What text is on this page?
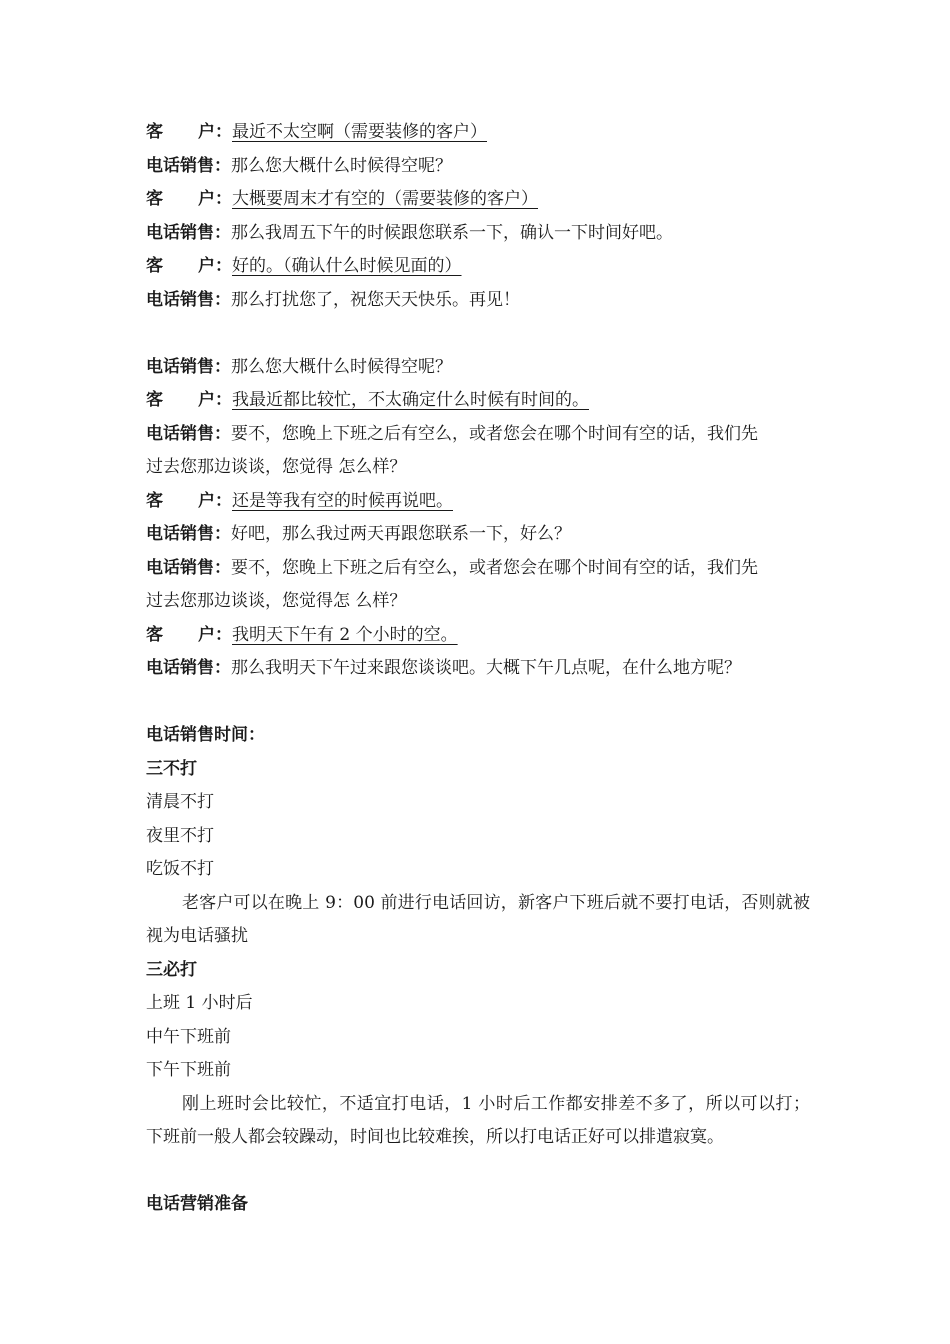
客　　户：最近不太空啊（需要装修的客户）
电话销售：那么您大概什么时候得空呢？
客　　户：大概要周末才有空的（需要装修的客户）
电话销售：那么我周五下午的时候跟您联系一下，确认一下时间好吧。
客　　户：好的。（确认什么时候见面的）
电话销售：那么打扰您了，祝您天天快乐。再见！
电话销售：那么您大概什么时候得空呢？
客　　户：我最近都比较忙，不太确定什么时候有时间的。
电话销售：要不，您晚上下班之后有空么，或者您会在哪个时间有空的话，我们先
过去您那边谈谈，您觉得 怎么样？
客　　户：还是等我有空的时候再说吧。
电话销售：好吧，那么我过两天再跟您联系一下，好么？
电话销售：要不，您晚上下班之后有空么，或者您会在哪个时间有空的话，我们先
过去您那边谈谈，您觉得怎 么样？
客　　户：我明天下午有 2 个小时的空。
电话销售：那么我明天下午过来跟您谈谈吧。大概下午几点呢，在什么地方呢？
电话销售时间：
三不打
清晨不打
夜里不打
吃饭不打
老客户可以在晚上 9：00 前进行电话回访，新客户下班后就不要打电话，否则就被视为电话骚扰
三必打
上班 1 小时后
中午下班前
下午下班前
刚上班时会比较忙，不适宜打电话，1 小时后工作都安排差不多了，所以可以打；下班前一般人都会较躁动，时间也比较难挨，所以打电话正好可以排遣寂寞。
电话营销准备
